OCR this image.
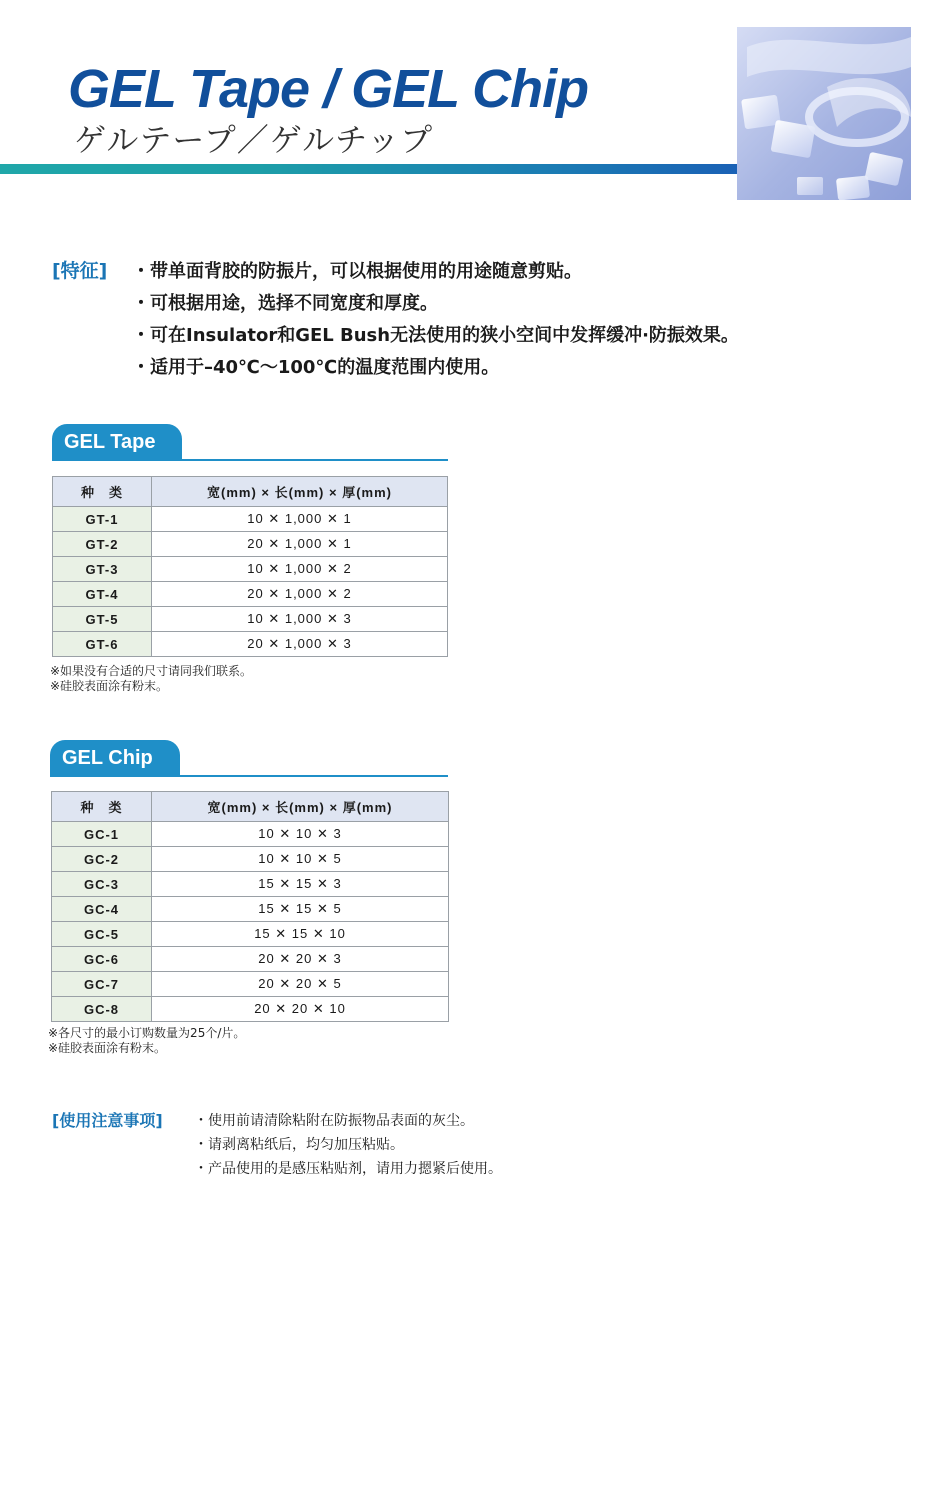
GEL Tape / GEL Chip
ゲルテープ／ゲルチップ
[特征] ・带单面背胶的防振片，可以根据使用的用途随意剪贴。
・可根据用途，选择不同宽度和厚度。
・可在Insulator和GEL Bush无法使用的狭小空间中发挥缓冲·防振效果。
・适用于–40℃～100℃的温度范围内使用。
GEL Tape
种　类	宽(mm) × 长(mm) × 厚(mm)
GT-1	10 ✕ 1,000 ✕ 1
GT-2	20 ✕ 1,000 ✕ 1
GT-3	10 ✕ 1,000 ✕ 2
GT-4	20 ✕ 1,000 ✕ 2
GT-5	10 ✕ 1,000 ✕ 3
GT-6	20 ✕ 1,000 ✕ 3
※如果没有合适的尺寸请同我们联系。
※硅胶表面涂有粉末。
GEL Chip
种　类	宽(mm) × 长(mm) × 厚(mm)
GC-1	10 ✕ 10 ✕ 3
GC-2	10 ✕ 10 ✕ 5
GC-3	15 ✕ 15 ✕ 3
GC-4	15 ✕ 15 ✕ 5
GC-5	15 ✕ 15 ✕ 10
GC-6	20 ✕ 20 ✕ 3
GC-7	20 ✕ 20 ✕ 5
GC-8	20 ✕ 20 ✕ 10
※各尺寸的最小订购数量为25个/片。
※硅胶表面涂有粉末。
[使用注意事项] ・使用前请清除粘附在防振物品表面的灰尘。
・请剥离粘纸后，均匀加压粘贴。
・产品使用的是感压粘贴剂，请用力摁紧后使用。
